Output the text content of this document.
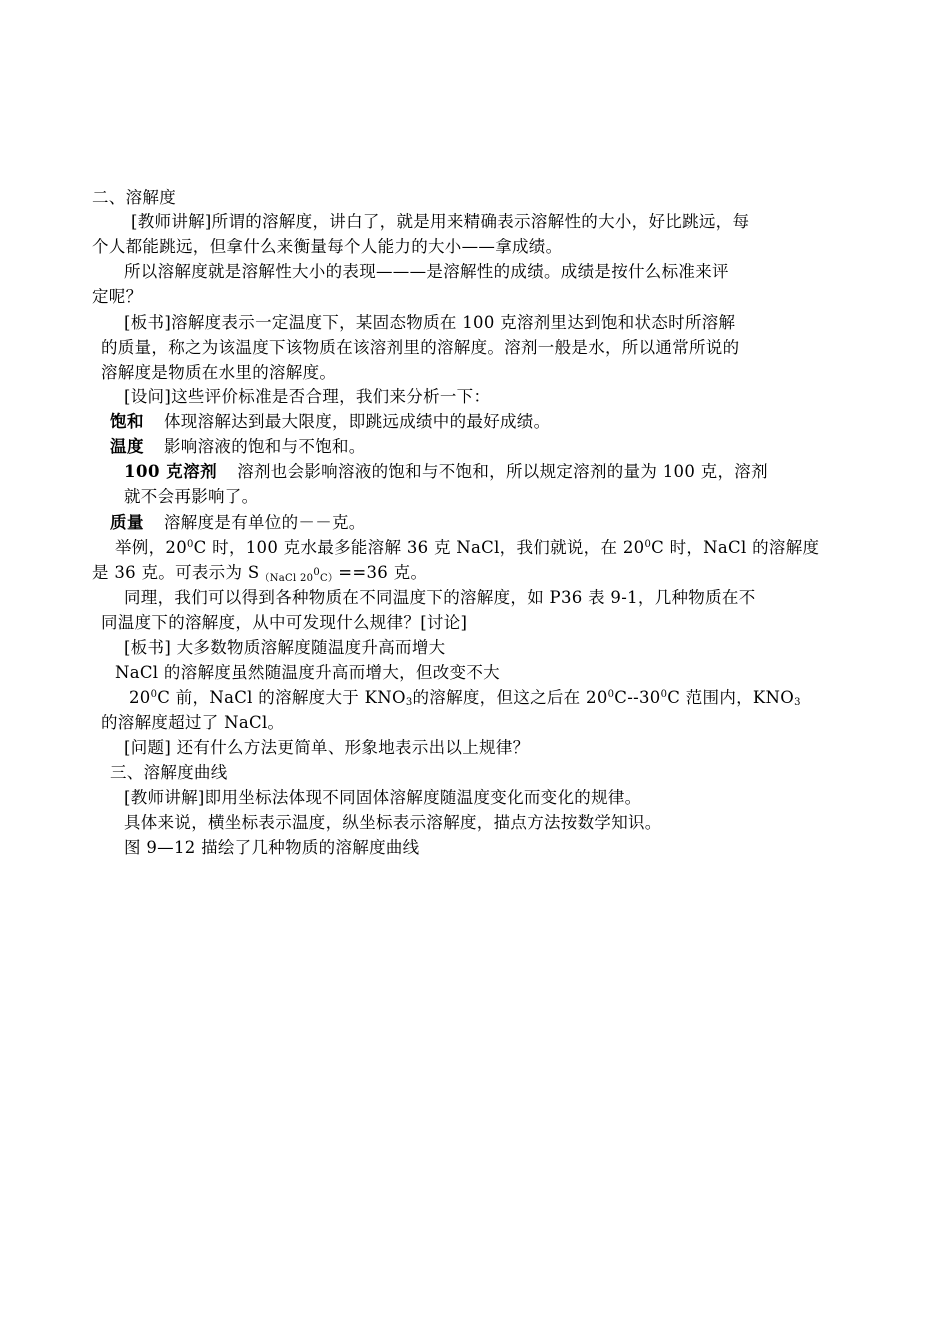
二、溶解度
[教师讲解]所谓的溶解度，讲白了，就是用来精确表示溶解性的大小，好比跳远，每
个人都能跳远，但拿什么来衡量每个人能力的大小——拿成绩。
所以溶解度就是溶解性大小的表现———是溶解性的成绩。成绩是按什么标准来评
定呢？
[板书]溶解度表示一定温度下，某固态物质在 100 克溶剂里达到饱和状态时所溶解
的质量，称之为该温度下该物质在该溶剂里的溶解度。溶剂一般是水，所以通常所说的
溶解度是物质在水里的溶解度。
[设问]这些评价标准是否合理，我们来分析一下：
饱和 体现溶解达到最大限度，即跳远成绩中的最好成绩。
温度 影响溶液的饱和与不饱和。
100 克溶剂 溶剂也会影响溶液的饱和与不饱和，所以规定溶剂的量为 100 克，溶剂
就不会再影响了。
质量 溶解度是有单位的－－克。
举例，$20^0C$ 时，100 克水最多能溶解 36 克 NaCl，我们就说，在 $20^0C$ 时，NaCl 的溶解度
是 36 克。可表示为 S（NaCl $20^0C)==36$ 克。
同理，我们可以得到各种物质在不同温度下的溶解度，如 P36 表 9-1，几种物质在不
同温度下的溶解度，从中可发现什么规律？[讨论]
[板书] 大多数物质溶解度随温度升高而增大
NaCl 的溶解度虽然随温度升高而增大，但改变不大
$20^0C$ 前，NaCl 的溶解度大于 $KNO_3$的溶解度，但这之后在 $20^0C--30^0C$ 范围内，$KNO_3$
的溶解度超过了 NaCl。
[问题] 还有什么方法更简单、形象地表示出以上规律？
三、溶解度曲线
[教师讲解]即用坐标法体现不同固体溶解度随温度变化而变化的规律。
具体来说，横坐标表示温度，纵坐标表示溶解度，描点方法按数学知识。
图 9—12 描绘了几种物质的溶解度曲线
